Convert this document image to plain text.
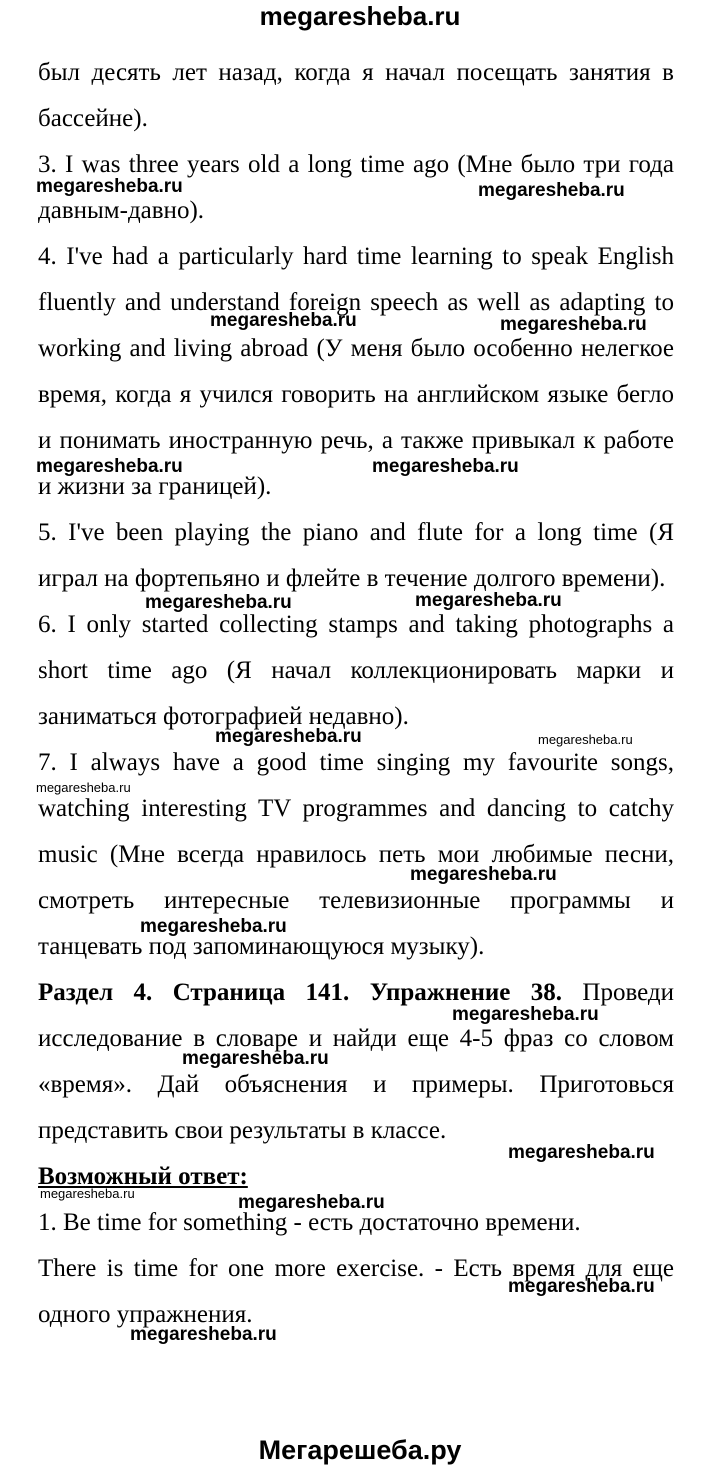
megaresheba.ru

был десять лет назад, когда я начал посещать занятия в бассейне).

3. I was three years old a long time ago (Мне было три года давным-давно).

4. I've had a particularly hard time learning to speak English fluently and understand foreign speech as well as adapting to working and living abroad (У меня было особенно нелегкое время, когда я учился говорить на английском языке бегло и понимать иностранную речь, а также привыкал к работе и жизни за границей).

5. I've been playing the piano and flute for a long time (Я играл на фортепьяно и флейте в течение долгого времени).

6. I only started collecting stamps and taking photographs a short time ago (Я начал коллекционировать марки и заниматься фотографией недавно).

7. I always have a good time singing my favourite songs, watching interesting TV programmes and dancing to catchy music (Мне всегда нравилось петь мои любимые песни, смотреть интересные телевизионные программы и танцевать под запоминающуюся музыку).

Раздел 4. Страница 141. Упражнение 38. Проведи исследование в словаре и найди еще 4-5 фраз со словом «время». Дай объяснения и примеры. Приготовься представить свои результаты в классе.

Возможный ответ:

1. Be time for something - есть достаточно времени.

There is time for one more exercise. - Есть время для еще одного упражнения.

megaresheba.ru	megaresheba.ru
megaresheba.ru	megaresheba.ru
megaresheba.ru	megaresheba.ru
megaresheba.ru	megaresheba.ru
megaresheba.ru	megaresheba.ru
megaresheba.ru
megaresheba.ru
megaresheba.ru
megaresheba.ru
megaresheba.ru
megaresheba.ru
megaresheba.ru	megaresheba.ru
megaresheba.ru
megaresheba.ru
Мегарешеба.ру
